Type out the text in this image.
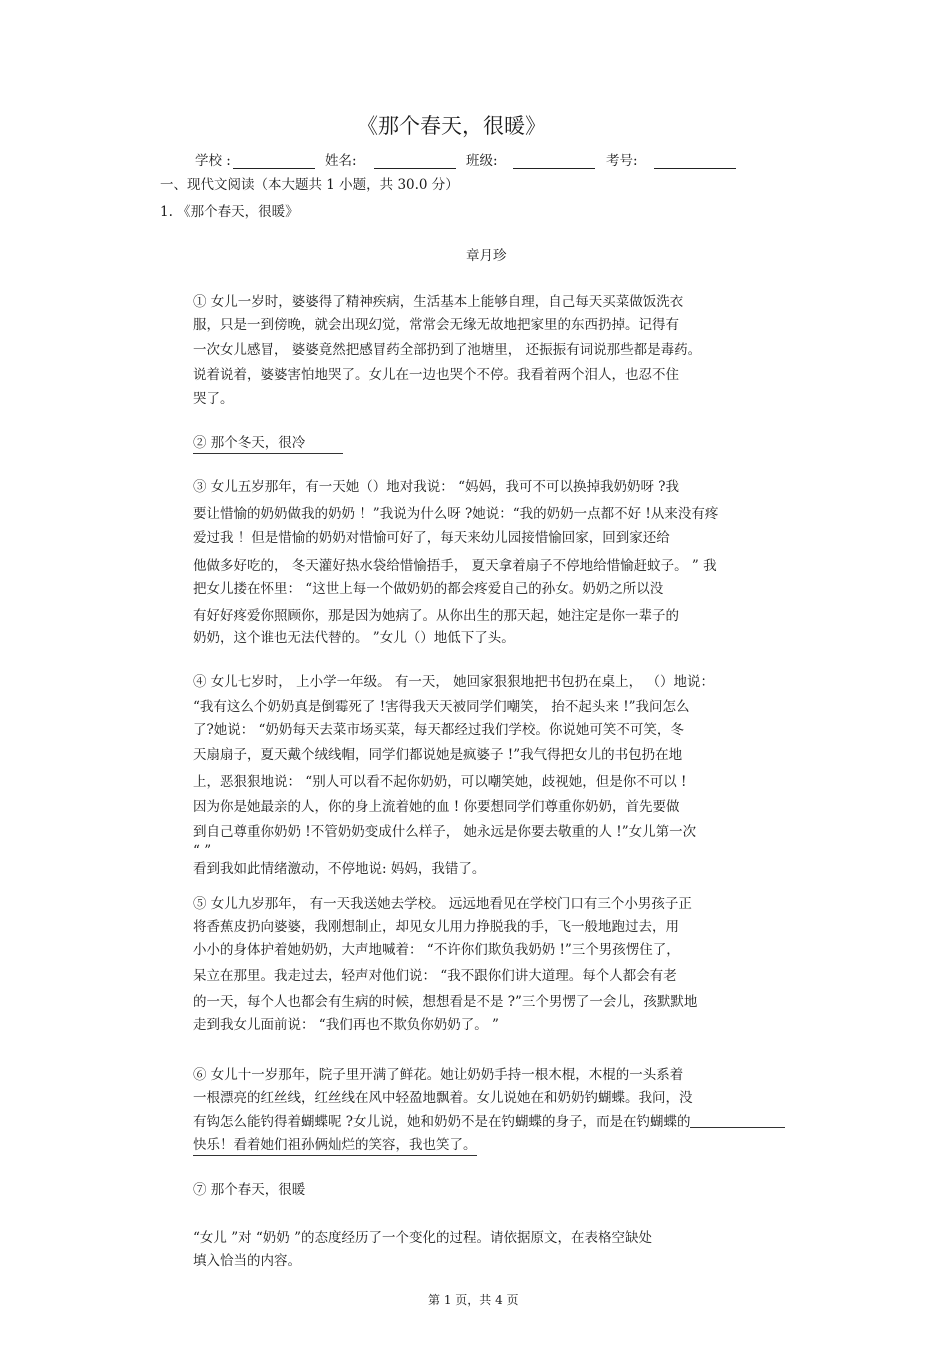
《那个春天，很暖》
学校 :	姓名:	班级:	考号:
一、现代文阅读（本大题共 1 小题，共 30.0 分）
1. 《那个春天，很暖》
章月珍
① 女儿一岁时，婆婆得了精神疾病，生活基本上能够自理，自己每天买菜做饭洗衣
服，只是一到傍晚，就会出现幻觉，常常会无缘无故地把家里的东西扔掉。记得有
一次女儿感冒， 婆婆竟然把感冒药全部扔到了池塘里， 还振振有词说那些都是毒药。
说着说着，婆婆害怕地哭了。女儿在一边也哭个不停。我看着两个泪人，也忍不住
哭了。
② 那个冬天，很冷
③ 女儿五岁那年，有一天她（）地对我说： “妈妈，我可不可以换掉我奶奶呀 ?我
要让惜愉的奶奶做我的奶奶 ！”我说为什么呀 ?她说：“我的奶奶一点都不好 !从来没有疼
爱过我 ！但是惜愉的奶奶对惜愉可好了，每天来幼儿园接惜愉回家，回到家还给
他做多好吃的， 冬天灌好热水袋给惜愉捂手， 夏天拿着扇子不停地给惜愉赶蚊子。 ” 我
把女儿搂在怀里： “这世上每一个做奶奶的都会疼爱自己的孙女。奶奶之所以没
有好好疼爱你照顾你，那是因为她病了。从你出生的那天起，她注定是你一辈子的
奶奶，这个谁也无法代替的。 ”女儿（）地低下了头。
④ 女儿七岁时， 上小学一年级。 有一天， 她回家狠狠地把书包扔在桌上， （）地说：
“我有这么个奶奶真是倒霉死了 !害得我天天被同学们嘲笑， 抬不起头来 !”我问怎么
了?她说： “奶奶每天去菜市场买菜，每天都经过我们学校。你说她可笑不可笑，冬
天扇扇子，夏天戴个绒线帽，同学们都说她是疯婆子 !”我气得把女儿的书包扔在地
上，恶狠狠地说： “别人可以看不起你奶奶，可以嘲笑她，歧视她，但是你不可以 !
因为你是她最亲的人，你的身上流着她的血 ! 你要想同学们尊重你奶奶，首先要做
到自己尊重你奶奶 !不管奶奶变成什么样子， 她永远是你要去敬重的人 !”女儿第一次
“ ”
看到我如此情绪激动，不停地说: 妈妈，我错了。
⑤ 女儿九岁那年， 有一天我送她去学校。 远远地看见在学校门口有三个小男孩子正
将香蕉皮扔向婆婆，我刚想制止，却见女儿用力挣脱我的手，飞一般地跑过去，用
小小的身体护着她奶奶，大声地喊着： “不许你们欺负我奶奶 !”三个男孩愣住了，
呆立在那里。我走过去，轻声对他们说： “我不跟你们讲大道理。每个人都会有老
的一天，每个人也都会有生病的时候，想想看是不是 ?”三个男愣了一会儿，孩默默地
走到我女儿面前说： “我们再也不欺负你奶奶了。 ”
⑥ 女儿十一岁那年，院子里开满了鲜花。她让奶奶手持一根木棍，木棍的一头系着
一根漂亮的红丝线，红丝线在风中轻盈地飘着。女儿说她在和奶奶钓蝴蝶。我问，没
有钩怎么能钓得着蝴蝶呢 ?女儿说，她和奶奶不是在钓蝴蝶的身子，而是在钓蝴蝶的
快乐！看着她们祖孙俩灿烂的笑容，我也笑了。
⑦ 那个春天，很暖
“女儿 ”对 “奶奶 ”的态度经历了一个变化的过程。请依据原文，在表格空缺处
填入恰当的内容。
第 1 页，共 4 页
